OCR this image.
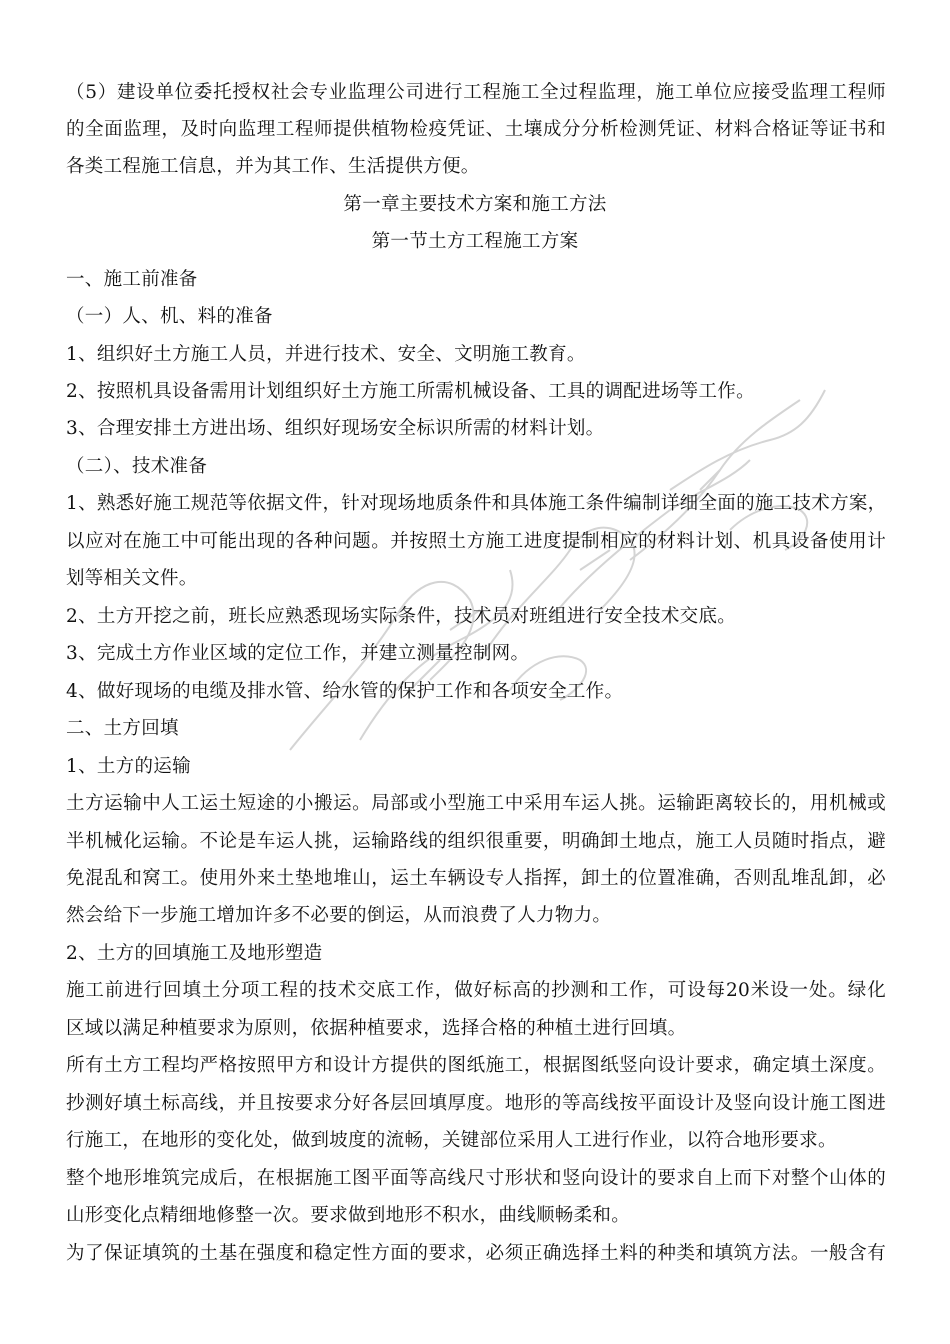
（5）建设单位委托授权社会专业监理公司进行工程施工全过程监理，施工单位应接受监理工程师
的全面监理，及时向监理工程师提供植物检疫凭证、土壤成分分析检测凭证、材料合格证等证书和
各类工程施工信息，并为其工作、生活提供方便。
第一章主要技术方案和施工方法
第一节土方工程施工方案
一、施工前准备
（一）人、机、料的准备
1、组织好土方施工人员，并进行技术、安全、文明施工教育。
2、按照机具设备需用计划组织好土方施工所需机械设备、工具的调配进场等工作。
3、合理安排土方进出场、组织好现场安全标识所需的材料计划。
（二）、技术准备
1、熟悉好施工规范等依据文件，针对现场地质条件和具体施工条件编制详细全面的施工技术方案，
以应对在施工中可能出现的各种问题。并按照土方施工进度提制相应的材料计划、机具设备使用计
划等相关文件。
2、土方开挖之前，班长应熟悉现场实际条件，技术员对班组进行安全技术交底。
3、完成土方作业区域的定位工作，并建立测量控制网。
4、做好现场的电缆及排水管、给水管的保护工作和各项安全工作。
二、土方回填
1、土方的运输
土方运输中人工运土短途的小搬运。局部或小型施工中采用车运人挑。运输距离较长的，用机械或
半机械化运输。不论是车运人挑，运输路线的组织很重要，明确卸土地点，施工人员随时指点，避
免混乱和窝工。使用外来土垫地堆山，运土车辆设专人指挥，卸土的位置准确，否则乱堆乱卸，必
然会给下一步施工增加许多不必要的倒运，从而浪费了人力物力。
2、土方的回填施工及地形塑造
施工前进行回填土分项工程的技术交底工作，做好标高的抄测和工作，可设每20米设一处。绿化
区域以满足种植要求为原则，依据种植要求，选择合格的种植土进行回填。
所有土方工程均严格按照甲方和设计方提供的图纸施工，根据图纸竖向设计要求，确定填土深度。
抄测好填土标高线，并且按要求分好各层回填厚度。地形的等高线按平面设计及竖向设计施工图进
行施工，在地形的变化处，做到坡度的流畅，关键部位采用人工进行作业，以符合地形要求。
整个地形堆筑完成后，在根据施工图平面等高线尺寸形状和竖向设计的要求自上而下对整个山体的
山形变化点精细地修整一次。要求做到地形不积水，曲线顺畅柔和。
为了保证填筑的土基在强度和稳定性方面的要求，必须正确选择土料的种类和填筑方法。一般含有
